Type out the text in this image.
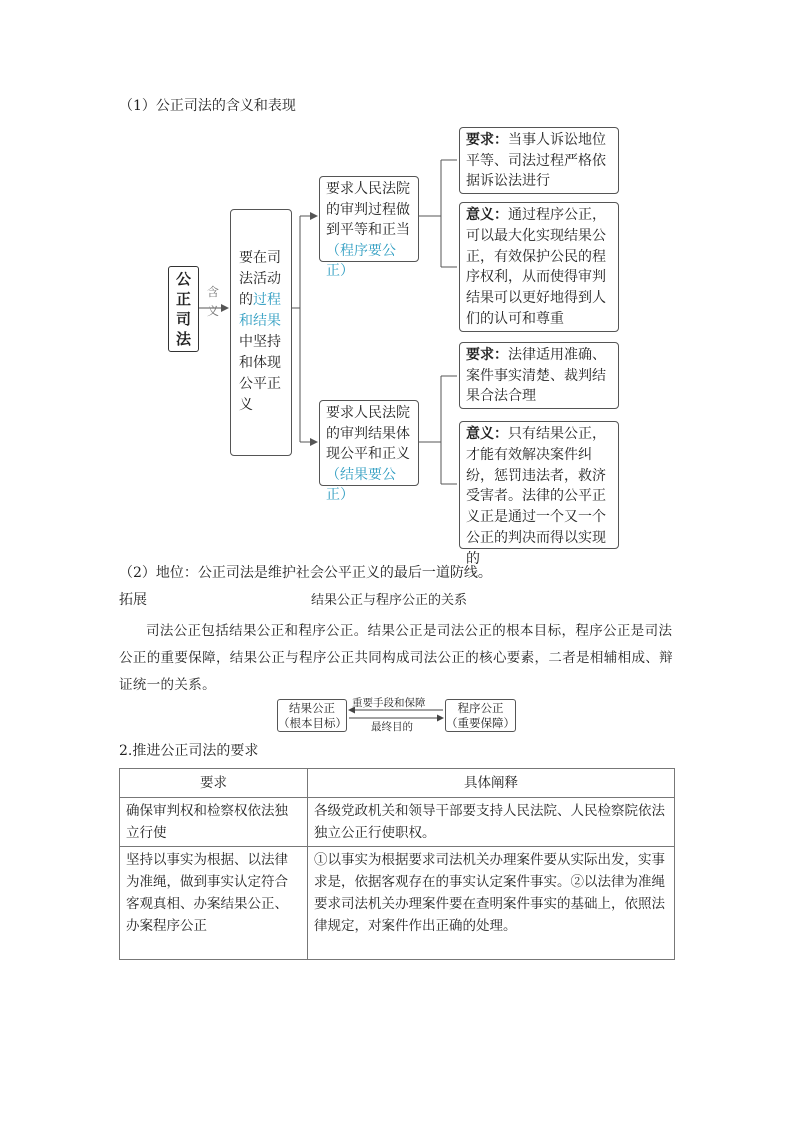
（1）公正司法的含义和表现
公正司法
含义
要在司法活动的过程和结果中坚持和体现公平正义
要求人民法院的审判过程做到平等和正当（程序要公正）
要求人民法院的审判结果体现公平和正义（结果要公正）
要求：当事人诉讼地位平等、司法过程严格依据诉讼法进行
意义：通过程序公正，可以最大化实现结果公正，有效保护公民的程序权利，从而使得审判结果可以更好地得到人们的认可和尊重
要求：法律适用准确、案件事实清楚、裁判结果合法合理
意义：只有结果公正，才能有效解决案件纠纷，惩罚违法者，救济受害者。法律的公平正义正是通过一个又一个公正的判决而得以实现的
（2）地位：公正司法是维护社会公平正义的最后一道防线。
拓展	结果公正与程序公正的关系
司法公正包括结果公正和程序公正。结果公正是司法公正的根本目标，程序公正是司法公正的重要保障，结果公正与程序公正共同构成司法公正的核心要素，二者是相辅相成、辩证统一的关系。
结果公正
（根本目标）
程序公正
（重要保障）
重要手段和保障
最终目的
2.推进公正司法的要求
要求	具体阐释
确保审判权和检察权依法独立行使	各级党政机关和领导干部要支持人民法院、人民检察院依法独立公正行使职权。
坚持以事实为根据、以法律为准绳，做到事实认定符合客观真相、办案结果公正、办案程序公正	①以事实为根据要求司法机关办理案件要从实际出发，实事求是，依据客观存在的事实认定案件事实。②以法律为准绳要求司法机关办理案件要在查明案件事实的基础上，依照法律规定，对案件作出正确的处理。
